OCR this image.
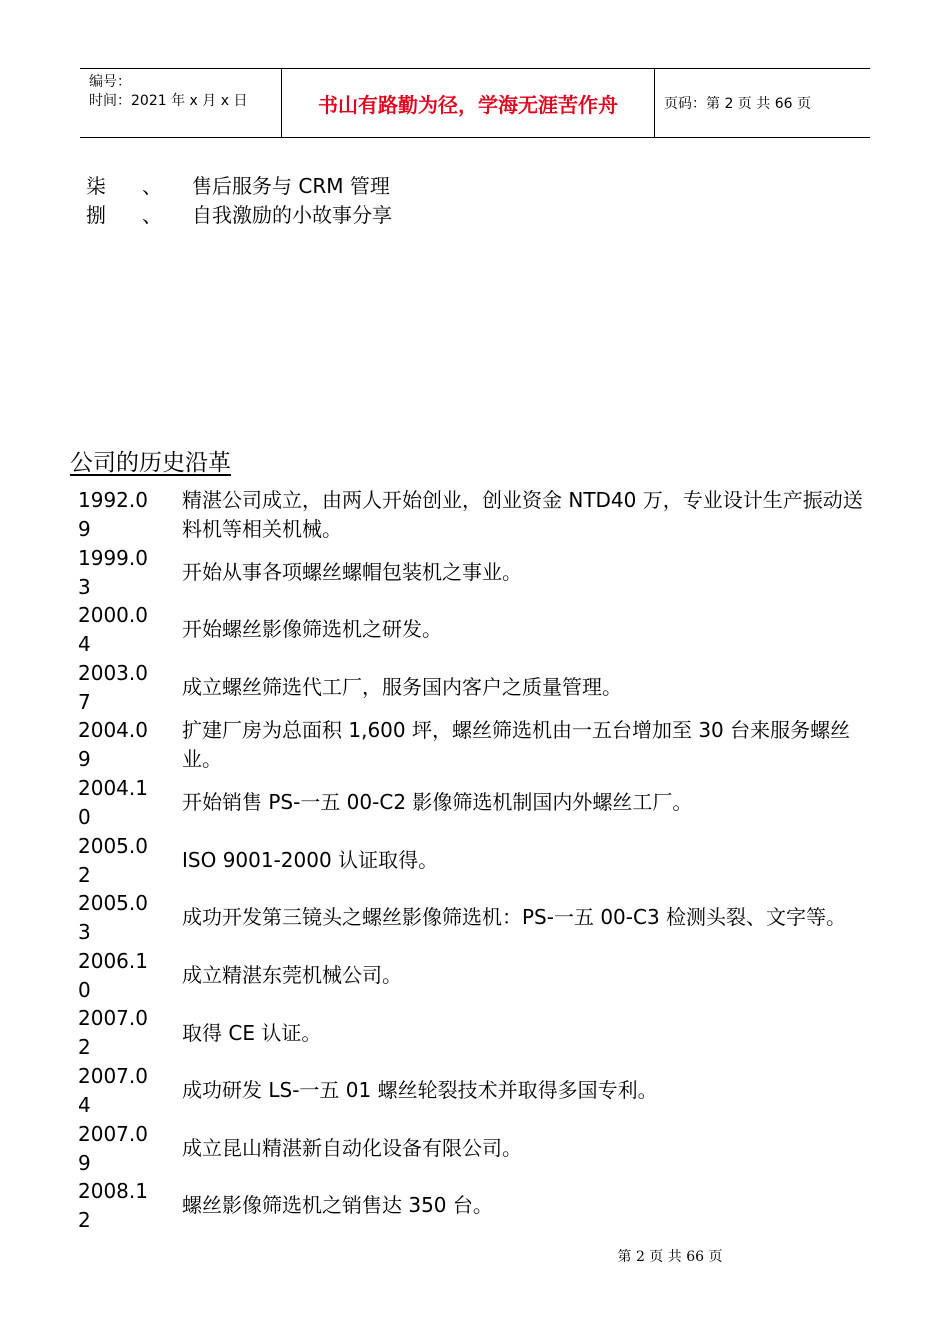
编号：
时间：2021 年 x 月 x 日	书山有路勤为径，学海无涯苦作舟	页码：第 2 页 共 66 页
柒 、 售后服务与 CRM 管理
捌 、 自我激励的小故事分享
公司的历史沿革
1992.09
精湛公司成立，由两人开始创业，创业资金 NTD40 万，专业设计生产振动送料机等相关机械。
1999.03
开始从事各项螺丝螺帽包装机之事业。
2000.04
开始螺丝影像筛选机之研发。
2003.07
成立螺丝筛选代工厂，服务国内客户之质量管理。
2004.09
扩建厂房为总面积 1,600 坪，螺丝筛选机由一五台增加至 30 台来服务螺丝业。
2004.10
开始销售 PS-一五 00-C2 影像筛选机制国内外螺丝工厂。
2005.02
ISO 9001-2000 认证取得。
2005.03
成功开发第三镜头之螺丝影像筛选机：PS-一五 00-C3 检测头裂、文字等。
2006.10
成立精湛东莞机械公司。
2007.02
取得 CE 认证。
2007.04
成功研发 LS-一五 01 螺丝轮裂技术并取得多国专利。
2007.09
成立昆山精湛新自动化设备有限公司。
2008.12
螺丝影像筛选机之销售达 350 台。
第 2 页 共 66 页
